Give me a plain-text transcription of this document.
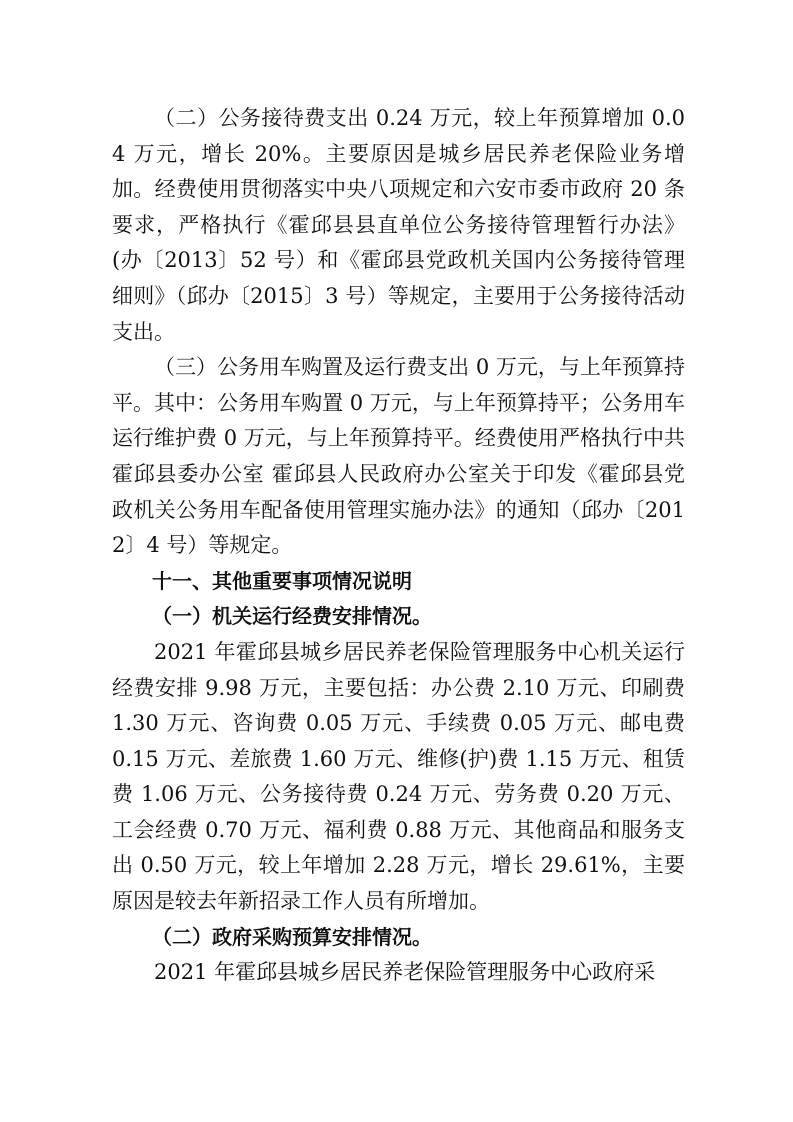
（二）公务接待费支出 0.24 万元，较上年预算增加 0.04 万元，增长 20%。主要原因是城乡居民养老保险业务增加。经费使用贯彻落实中央八项规定和六安市委市政府 20 条要求，严格执行《霍邱县县直单位公务接待管理暂行办法》(办〔2013〕52 号）和《霍邱县党政机关国内公务接待管理细则》（邱办〔2015〕3 号）等规定，主要用于公务接待活动支出。

（三）公务用车购置及运行费支出 0 万元，与上年预算持平。其中：公务用车购置 0 万元，与上年预算持平；公务用车运行维护费 0 万元，与上年预算持平。经费使用严格执行中共霍邱县委办公室 霍邱县人民政府办公室关于印发《霍邱县党政机关公务用车配备使用管理实施办法》的通知（邱办〔2012〕4 号）等规定。

十一、其他重要事项情况说明

（一）机关运行经费安排情况。

2021 年霍邱县城乡居民养老保险管理服务中心机关运行经费安排 9.98 万元，主要包括：办公费 2.10 万元、印刷费 1.30 万元、咨询费 0.05 万元、手续费 0.05 万元、邮电费 0.15 万元、差旅费 1.60 万元、维修(护)费 1.15 万元、租赁费 1.06 万元、公务接待费 0.24 万元、劳务费 0.20 万元、工会经费 0.70 万元、福利费 0.88 万元、其他商品和服务支出 0.50 万元，较上年增加 2.28 万元，增长 29.61%，主要原因是较去年新招录工作人员有所增加。

（二）政府采购预算安排情况。

2021 年霍邱县城乡居民养老保险管理服务中心政府采
